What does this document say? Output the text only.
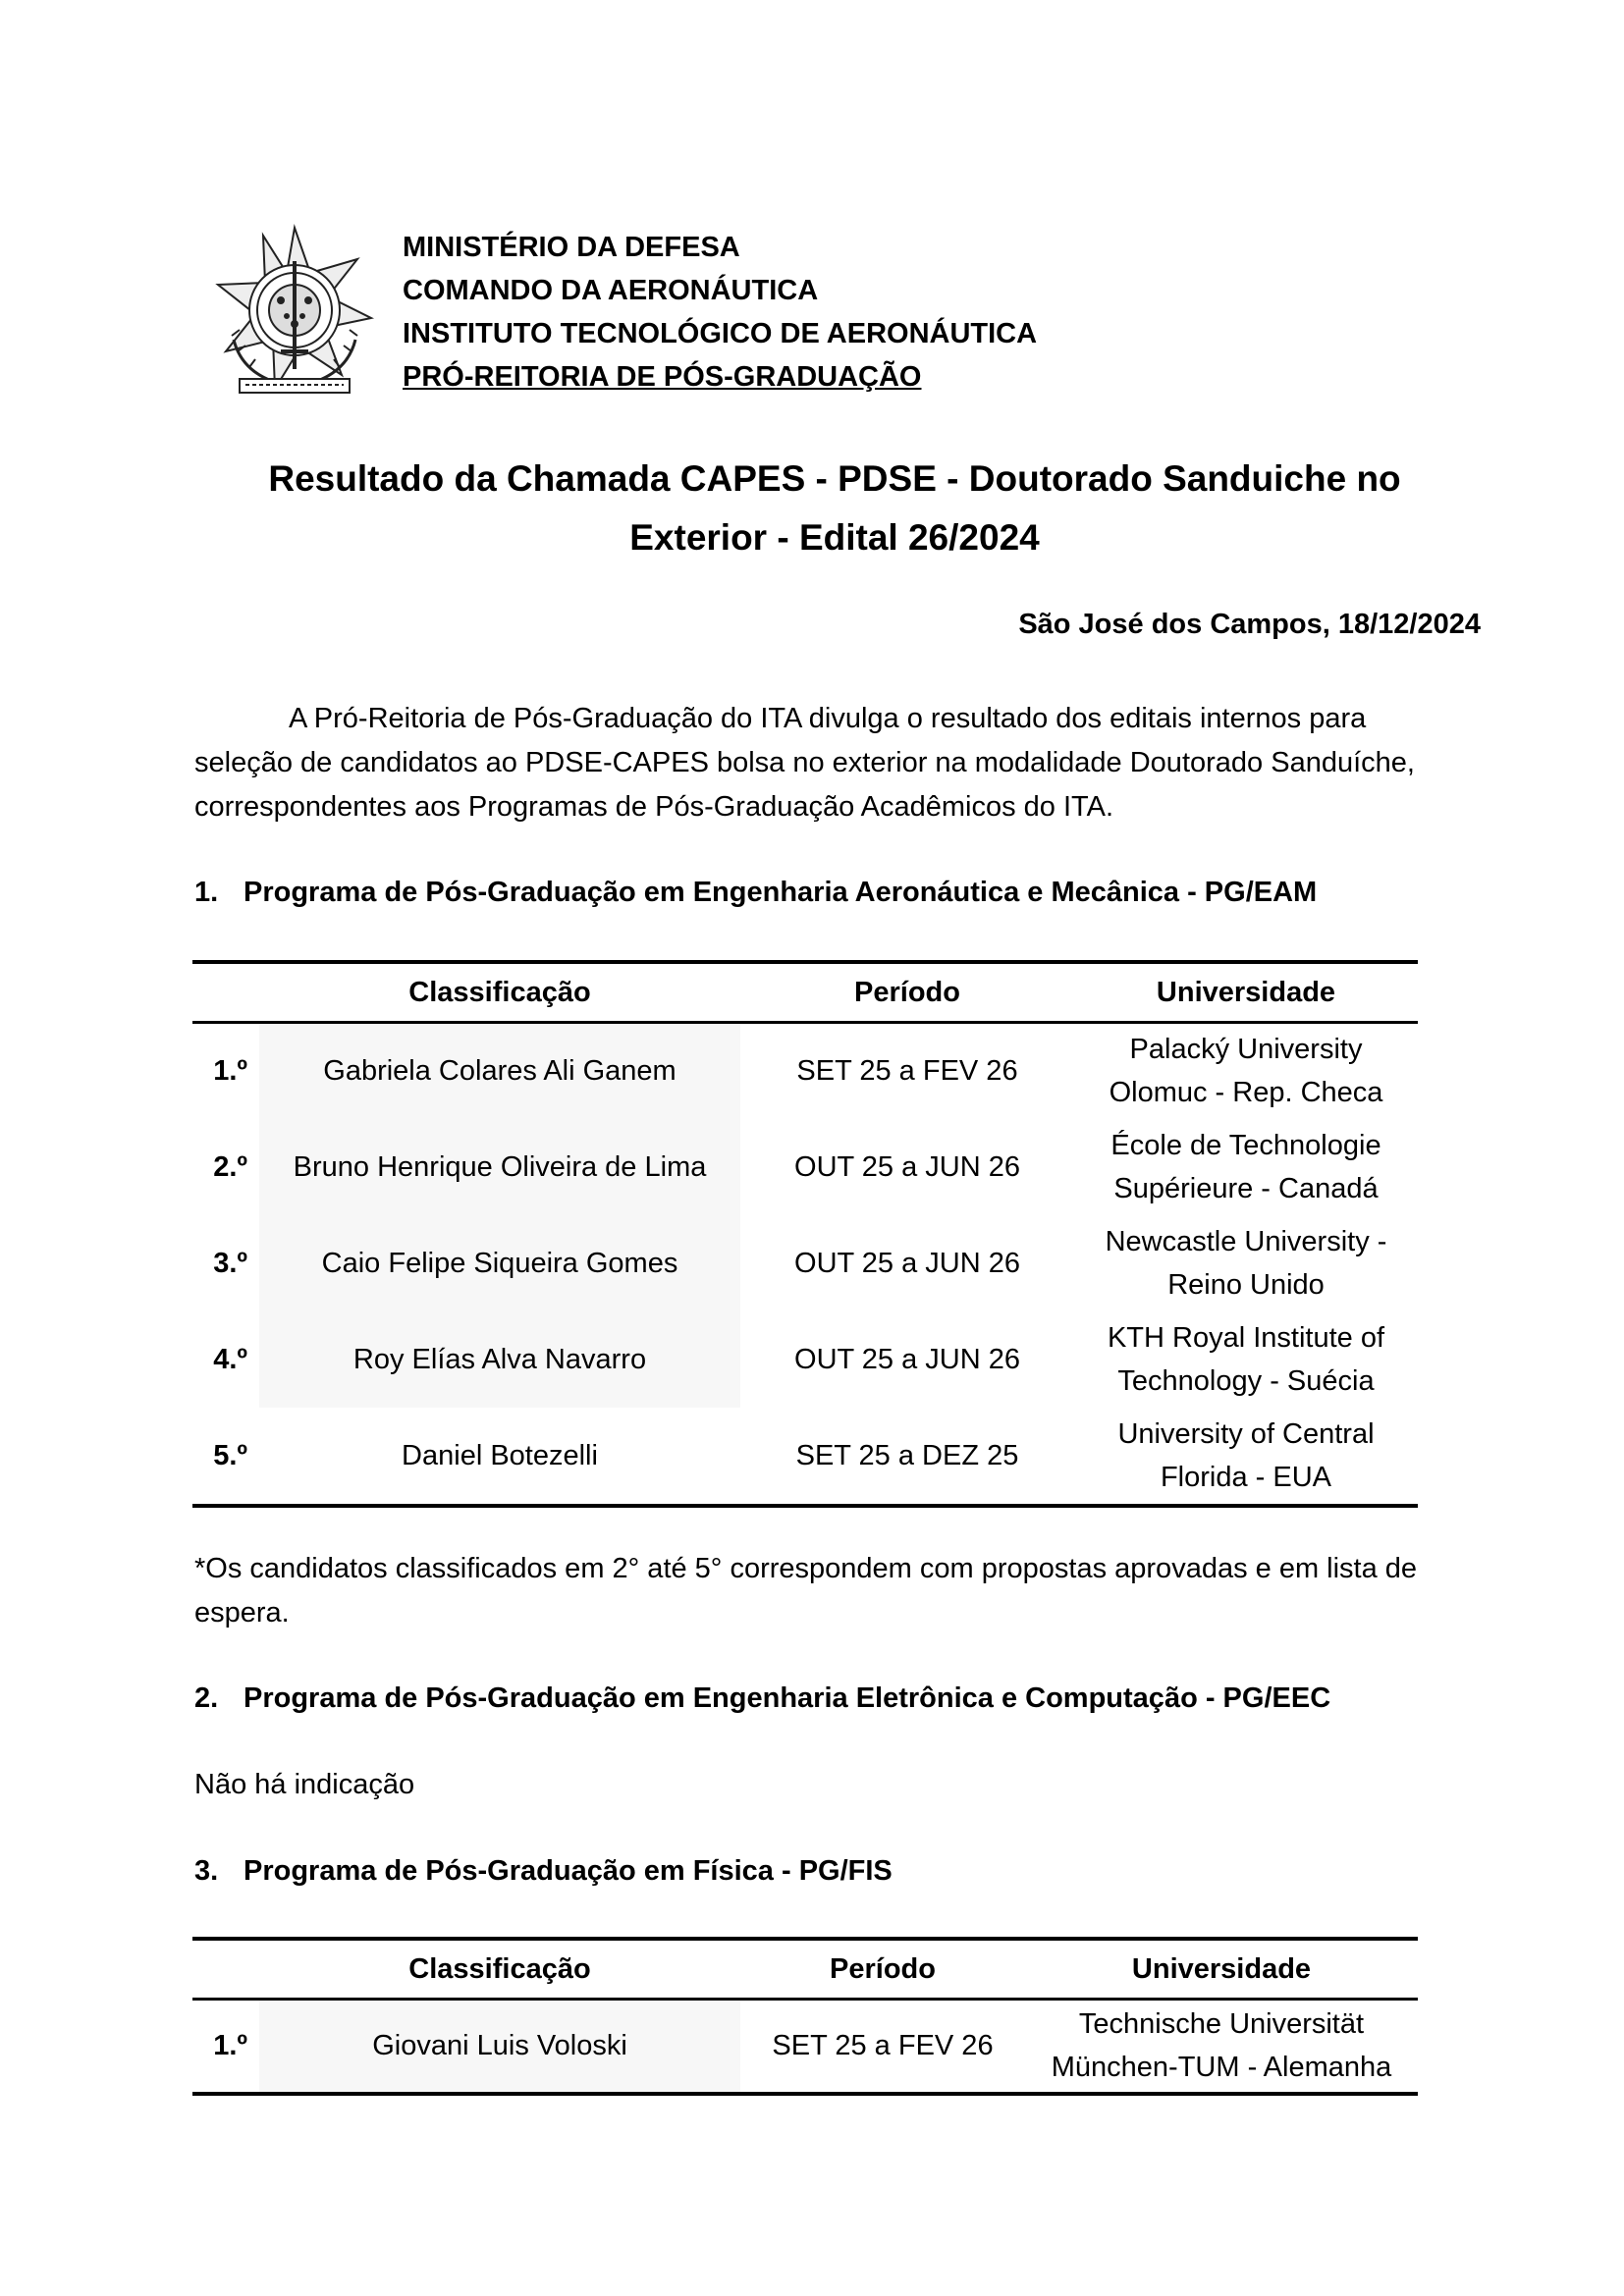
MINISTÉRIO DA DEFESA
COMANDO DA AERONÁUTICA
INSTITUTO TECNOLÓGICO DE AERONÁUTICA
PRÓ-REITORIA DE PÓS-GRADUAÇÃO
Resultado da Chamada CAPES - PDSE - Doutorado Sanduiche no
Exterior - Edital 26/2024
São José dos Campos, 18/12/2024
A Pró-Reitoria de Pós-Graduação do ITA divulga o resultado dos editais internos para
seleção de candidatos ao PDSE-CAPES bolsa no exterior na modalidade Doutorado Sanduíche,
correspondentes aos Programas de Pós-Graduação Acadêmicos do ITA.
1. Programa de Pós-Graduação em Engenharia Aeronáutica e Mecânica - PG/EAM
	Classificação	Período	Universidade
1.º	Gabriela Colares Ali Ganem	SET 25 a FEV 26	Palacký University
Olomuc - Rep. Checa

2.º	Bruno Henrique Oliveira de Lima	OUT 25 a JUN 26	École de Technologie
Supérieure - Canadá

3.º	Caio Felipe Siqueira Gomes	OUT 25 a JUN 26	Newcastle University -
Reino Unido

4.º	Roy Elías Alva Navarro	OUT 25 a JUN 26	KTH Royal Institute of
Technology - Suécia

5.º	Daniel Botezelli	SET 25 a DEZ 25	University of Central
Florida - EUA
*Os candidatos classificados em 2° até 5° correspondem com propostas aprovadas e em lista de
espera.
2. Programa de Pós-Graduação em Engenharia Eletrônica e Computação - PG/EEC
Não há indicação
3. Programa de Pós-Graduação em Física - PG/FIS
	Classificação	Período	Universidade
1.º	Giovani Luis Voloski	SET 25 a FEV 26	Technische Universität
München-TUM - Alemanha
